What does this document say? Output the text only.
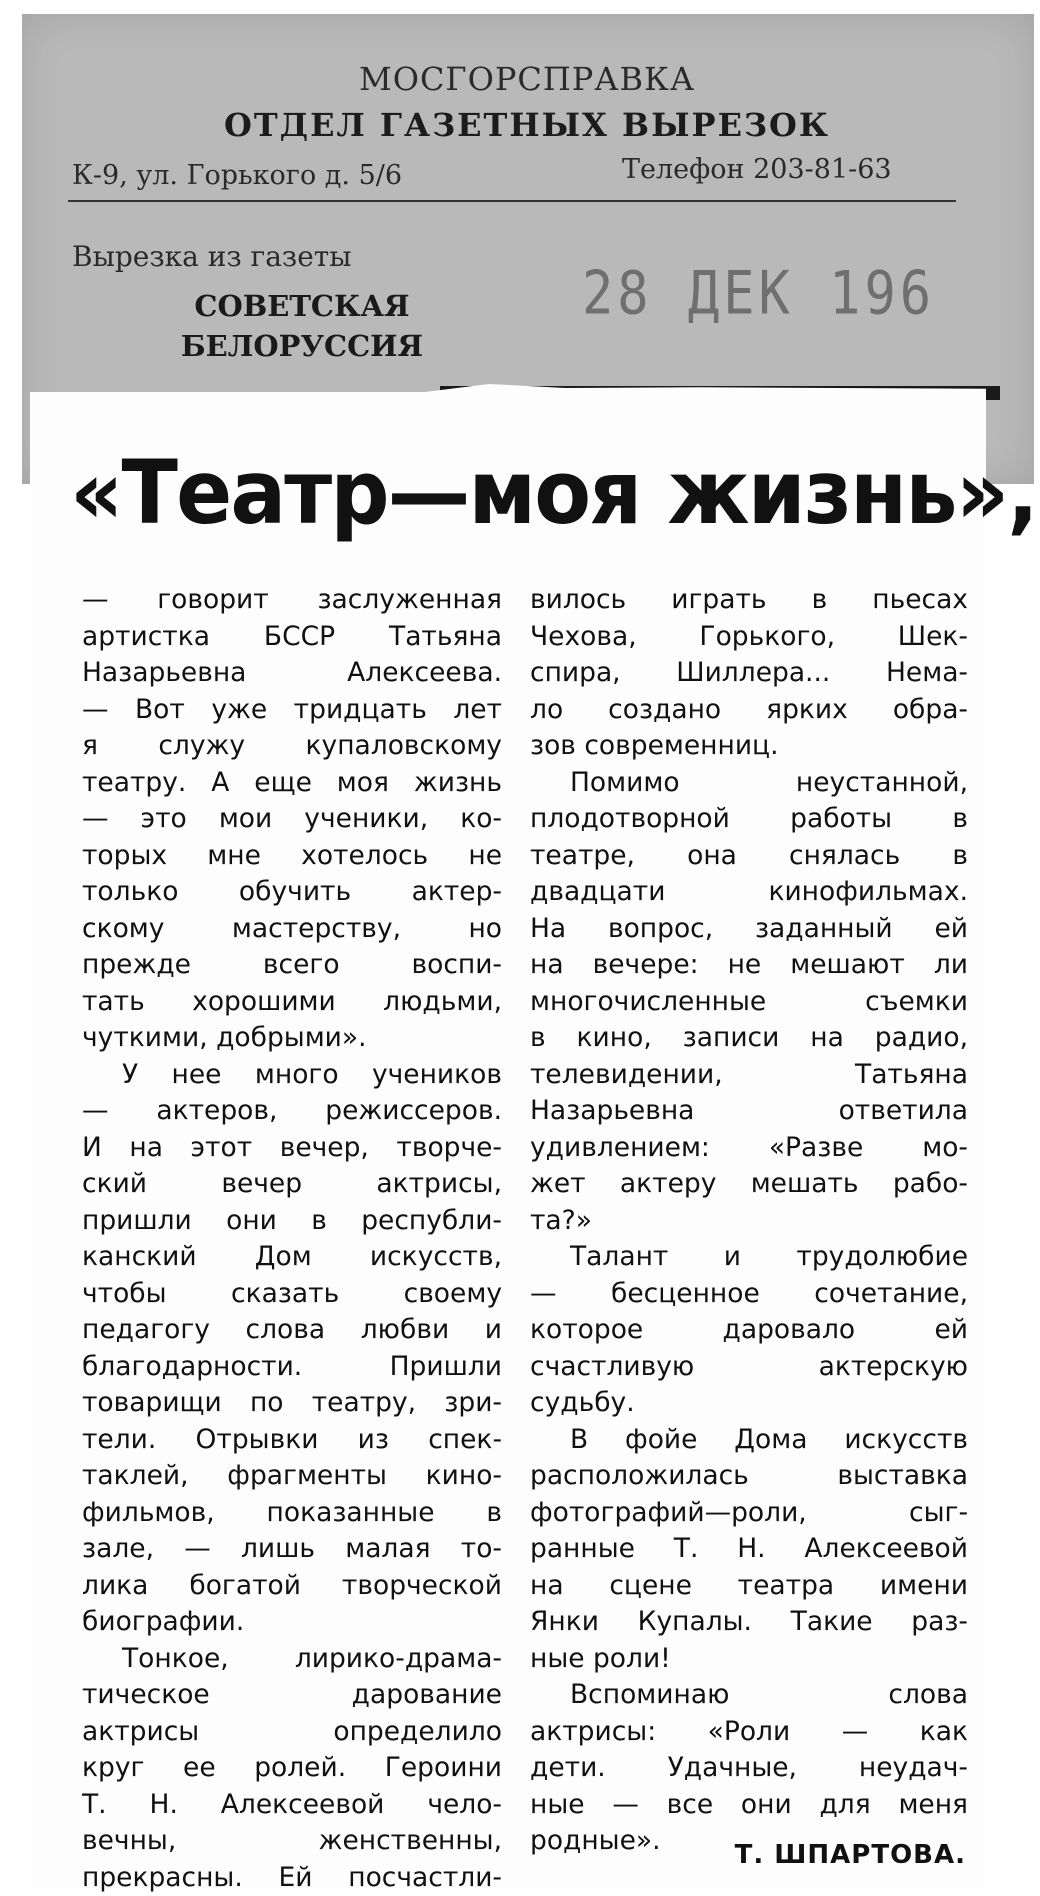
МОСГОРСПРАВКА
ОТДЕЛ ГАЗЕТНЫХ ВЫРЕЗОК
К-9, ул. Горького д. 5/6	Телефон 203-81-63
Вырезка из газеты
СОВЕТСКАЯ
БЕЛОРУССИЯ
28 ДЕК 196
«Театр—моя жизнь»,
— говорит заслуженная
артистка БССР Татьяна
Назарьевна Алексеева.
— Вот уже тридцать лет
я служу купаловскому
театру. А еще моя жизнь
— это мои ученики, ко-
торых мне хотелось не
только обучить актер-
скому мастерству, но
прежде всего воспи-
тать хорошими людьми,
чуткими, добрыми».
У нее много учеников
— актеров, режиссеров.
И на этот вечер, творче-
ский вечер актрисы,
пришли они в республи-
канский Дом искусств,
чтобы сказать своему
педагогу слова любви и
благодарности. Пришли
товарищи по театру, зри-
тели. Отрывки из спек-
таклей, фрагменты кино-
фильмов, показанные в
зале, — лишь малая то-
лика богатой творческой
биографии.
Тонкое, лирико-драма-
тическое дарование
актрисы определило
круг ее ролей. Героини
Т. Н. Алексеевой чело-
вечны, женственны,
прекрасны. Ей посчастли-
вилось играть в пьесах
Чехова, Горького, Шек-
спира, Шиллера... Нема-
ло создано ярких обра-
зов современниц.
Помимо неустанной,
плодотворной работы в
театре, она снялась в
двадцати кинофильмах.
На вопрос, заданный ей
на вечере: не мешают ли
многочисленные съемки
в кино, записи на радио,
телевидении, Татьяна
Назарьевна ответила
удивлением: «Разве мо-
жет актеру мешать рабо-
та?»
Талант и трудолюбие
— бесценное сочетание,
которое даровало ей
счастливую актерскую
судьбу.
В фойе Дома искусств
расположилась выставка
фотографий—роли, сыг-
ранные Т. Н. Алексеевой
на сцене театра имени
Янки Купалы. Такие раз-
ные роли!
Вспоминаю слова
актрисы: «Роли — как
дети. Удачные, неудач-
ные — все они для меня
родные».	Т. ШПАРТОВА.
